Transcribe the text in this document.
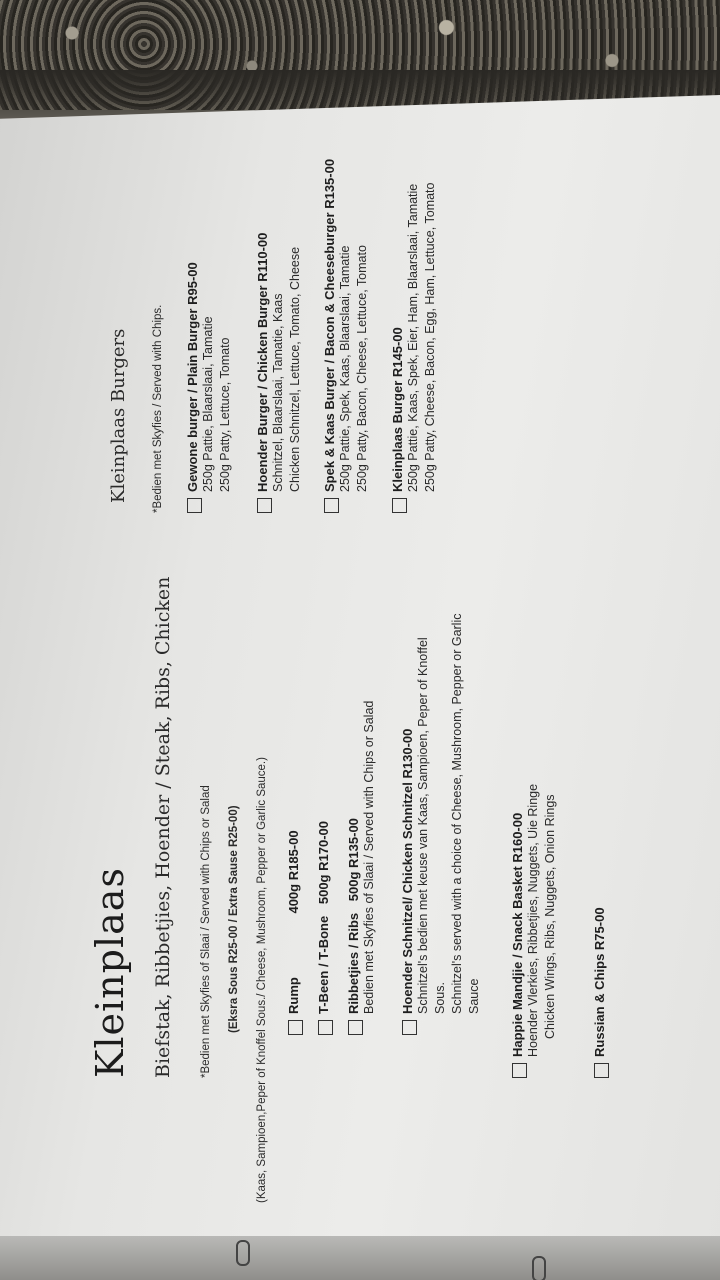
Kleinplaas Biefstak, Ribbetjies, Hoender / Steak, Ribs, Chicken *Bedien met Skyfies of Slaai / Served with Chips or Salad (Eksra Sous R25-00 / Extra Sause R25-00) (Kaas, Sampioen,Peper of Knoffel Sous./ Cheese, Mushroom, Pepper or Garlic Sauce.) Rump 400g R185-00
T-Been / T-Bone 500g R170-00
Ribbetjies / Ribs 500g R135-00 Bedien met Skyfies of Slaai / Served with Chips or Salad Hoender Schnitzel/ Chicken Schnitzel R130-00 Schnitzel's bedien met keuse van Kaas, Sampioen, Peper of Knoffel Sous. Schnitzel's served with a choice of Cheese, Mushroom, Pepper or Garlic Sauce Happie Mandjie / Snack Basket R160-00 Hoender Vlerkies, Ribbetjies, Nuggets, Uie Ringe Chicken Wings, Ribs, Nuggets, Onion Rings	Russian & Chips R75-00
Kleinplaas Burgers *Bedien met Skyfies / Served with Chips. Gewone burger / Plain Burger R95-00 250g Pattie, Blaarslaai, Tamatie 250g Patty, Lettuce, Tomato Hoender Burger / Chicken Burger R110-00 Schnitzel, Blaarslaai, Tamatie, Kaas Chicken Schnitzel, Lettuce, Tomato, Cheese Spek & Kaas Burger / Bacon & Cheeseburger R135-00 250g Pattie, Spek, Kaas, Blaarslaai, Tamatie 250g Patty, Bacon, Cheese, Lettuce, Tomato Kleinplaas Burger R145-00 250g Pattie, Kaas, Spek, Eier, Ham, Blaarslaai, Tamatie 250g Patty, Cheese, Bacon, Egg, Ham, Lettuce, Tomato
